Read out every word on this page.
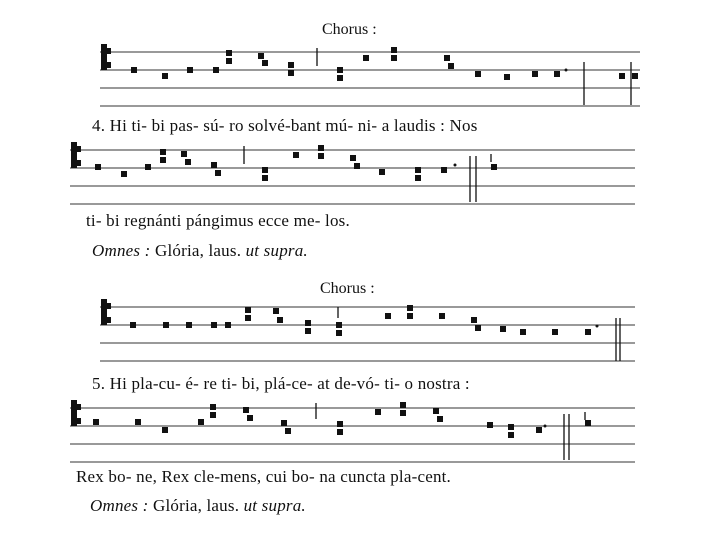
Chorus :
4. Hi ti- bi pas- sú- ro solvé-bant mú- ni- a laudis : Nos
ti- bi regnánti pángimus ecce me- los.
Omnes : Glória, laus. ut supra.
Chorus :
5. Hi pla-cu- é- re ti- bi, plá-ce- at de-vó- ti- o nostra :
Rex bo- ne, Rex cle-mens, cui bo- na cuncta pla-cent.
Omnes : Glória, laus. ut supra.
